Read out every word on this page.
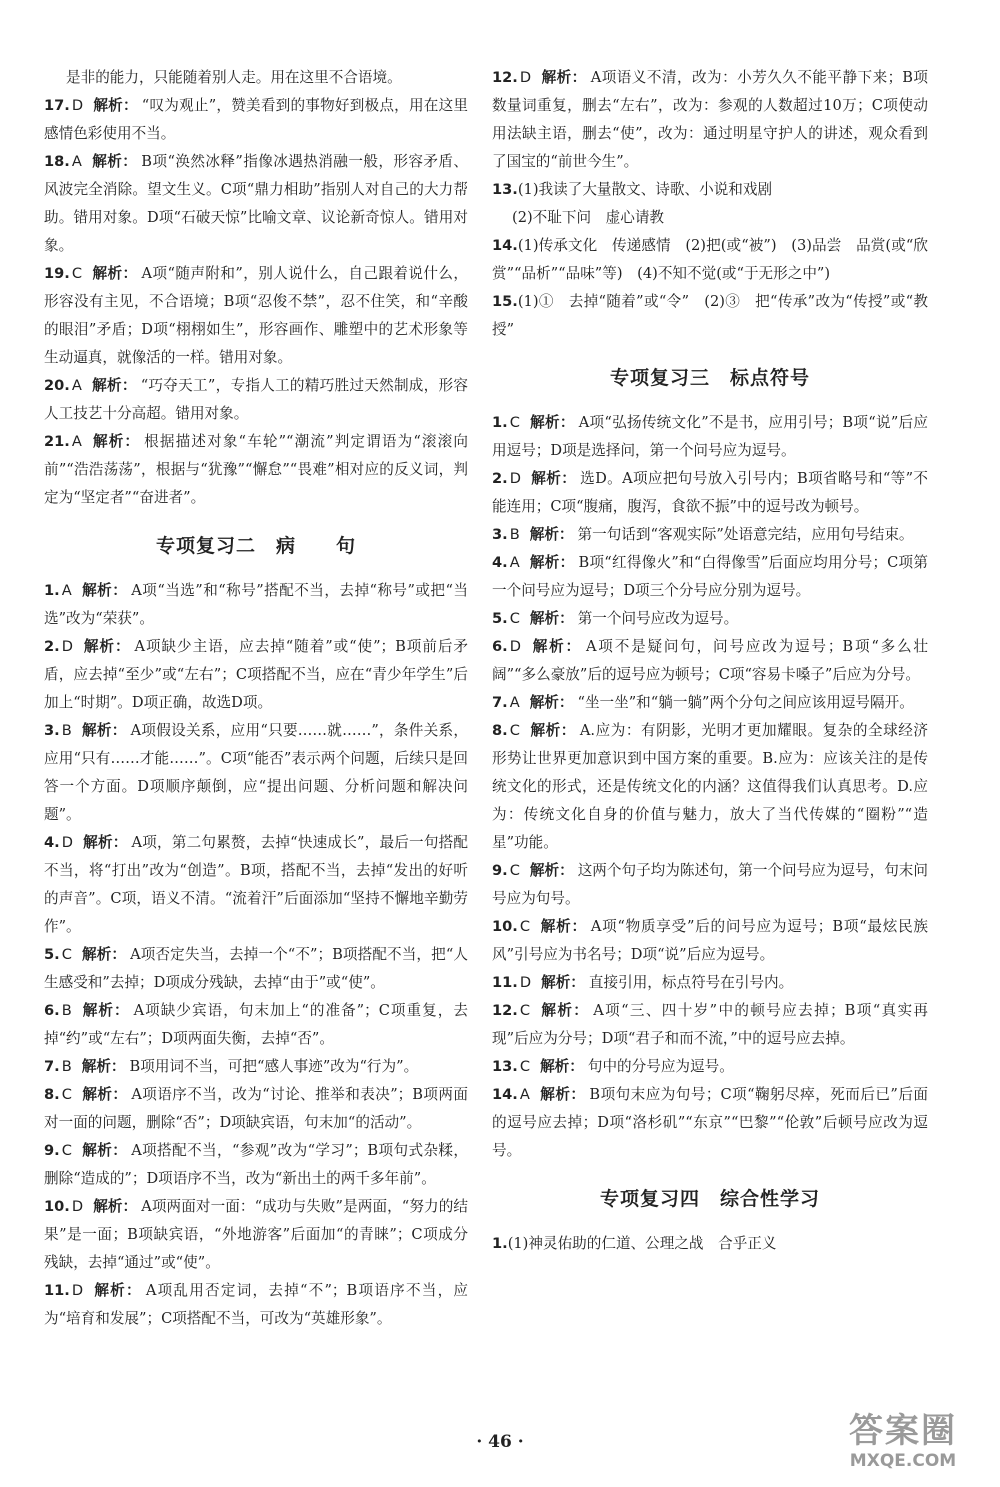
是非的能力，只能随着别人走。用在这里不合语境。

17. D 解析： “叹为观止”，赞美看到的事物好到极点，用在这里感情色彩使用不当。

18. A 解析： B项“涣然冰释”指像冰遇热消融一般，形容矛盾、风波完全消除。望文生义。C项“鼎力相助”指别人对自己的大力帮助。错用对象。D项“石破天惊”比喻文章、议论新奇惊人。错用对象。

19. C 解析： A项“随声附和”，别人说什么，自己跟着说什么，形容没有主见，不合语境；B项“忍俊不禁”，忍不住笑，和“辛酸的眼泪”矛盾；D项“栩栩如生”，形容画作、雕塑中的艺术形象等生动逼真，就像活的一样。错用对象。

20. A 解析： “巧夺天工”，专指人工的精巧胜过天然制成，形容人工技艺十分高超。错用对象。

21. A 解析： 根据描述对象“车轮”“潮流”判定谓语为“滚滚向前”“浩浩荡荡”，根据与“犹豫”“懈怠”“畏难”相对应的反义词，判定为“坚定者”“奋进者”。

专项复习二 病 句

1. A 解析： A项“当选”和“称号”搭配不当，去掉“称号”或把“当选”改为“荣获”。

2. D 解析： A项缺少主语，应去掉“随着”或“使”；B项前后矛盾，应去掉“至少”或“左右”；C项搭配不当，应在“青少年学生”后加上“时期”。D项正确，故选D项。

3. B 解析： A项假设关系，应用“只要……就……”，条件关系，应用“只有……才能……”。C项“能否”表示两个问题，后续只是回答一个方面。D项顺序颠倒，应“提出问题、分析问题和解决问题”。

4. D 解析： A项，第二句累赘，去掉“快速成长”，最后一句搭配不当，将“打出”改为“创造”。B项，搭配不当，去掉“发出的好听的声音”。C项，语义不清。“流着汗”后面添加“坚持不懈地辛勤劳作”。

5. C 解析： A项否定失当，去掉一个“不”；B项搭配不当，把“人生感受和”去掉；D项成分残缺，去掉“由于”或“使”。

6. B 解析： A项缺少宾语，句末加上“的准备”；C项重复，去掉“约”或“左右”；D项两面失衡，去掉“否”。

7. B 解析： B项用词不当，可把“感人事迹”改为“行为”。

8. C 解析： A项语序不当，改为“讨论、推举和表决”；B项两面对一面的问题，删除“否”；D项缺宾语，句末加“的活动”。

9. C 解析： A项搭配不当，“参观”改为“学习”；B项句式杂糅，删除“造成的”；D项语序不当，改为“新出土的两千多年前”。

10. D 解析： A项两面对一面：“成功与失败”是两面，“努力的结果”是一面；B项缺宾语，“外地游客”后面加“的青睐”；C项成分残缺，去掉“通过”或“使”。

11. D 解析： A项乱用否定词，去掉“不”；B项语序不当，应为“培育和发展”；C项搭配不当，可改为“英雄形象”。

12. D 解析： A项语义不清，改为：小芳久久不能平静下来；B项数量词重复，删去“左右”，改为：参观的人数超过10万；C项使动用法缺主语，删去“使”，改为：通过明星守护人的讲述，观众看到了国宝的“前世今生”。

13.(1)我读了大量散文、诗歌、小说和戏剧

(2)不耻下问　虚心请教

14.(1)传承文化　传递感情　(2)把(或“被”)　(3)品尝　品赏(或“欣赏”“品析”“品味”等)　(4)不知不觉(或“于无形之中”)

15.(1)①　去掉“随着”或“令”　(2)③　把“传承”改为“传授”或“教授”

专项复习三 标点符号

1. C 解析： A项“弘扬传统文化”不是书，应用引号；B项“说”后应用逗号；D项是选择问，第一个问号应为逗号。

2. D 解析： 选D。A项应把句号放入引号内；B项省略号和“等”不能连用；C项“腹痛，腹泻，食欲不振”中的逗号改为顿号。

3. B 解析： 第一句话到“客观实际”处语意完结，应用句号结束。

4. A 解析： B项“红得像火”和“白得像雪”后面应均用分号；C项第一个问号应为逗号；D项三个分号应分别为逗号。

5. C 解析： 第一个问号应改为逗号。

6. D 解析： A项不是疑问句，问号应改为逗号；B项“多么壮阔”“多么豪放”后的逗号应为顿号；C项“容易卡嗓子”后应为分号。

7. A 解析： “坐一坐”和“躺一躺”两个分句之间应该用逗号隔开。

8. C 解析： A.应为：有阴影，光明才更加耀眼。复杂的全球经济形势让世界更加意识到中国方案的重要。B.应为：应该关注的是传统文化的形式，还是传统文化的内涵？这值得我们认真思考。D.应为：传统文化自身的价值与魅力，放大了当代传媒的“圈粉”“造星”功能。

9. C 解析： 这两个句子均为陈述句，第一个问号应为逗号，句末问号应为句号。

10. C 解析： A项“物质享受”后的问号应为逗号；B项“最炫民族风”引号应为书名号；D项“说”后应为逗号。

11. D 解析： 直接引用，标点符号在引号内。

12. C 解析： A项“三、四十岁”中的顿号应去掉；B项“真实再现”后应为分号；D项“君子和而不流，”中的逗号应去掉。

13. C 解析： 句中的分号应为逗号。

14. A 解析： B项句末应为句号；C项“鞠躬尽瘁，死而后已”后面的逗号应去掉；D项“洛杉矶”“东京”“巴黎”“伦敦”后顿号应改为逗号。

专项复习四 综合性学习

1.(1)神灵佑助的仁道、公理之战　合乎正义

· 46 ·	答案圈
MXQE.COM
